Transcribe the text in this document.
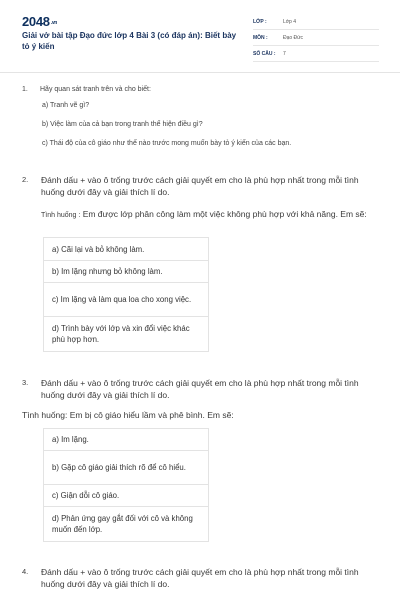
2048.vn
Giải vở bài tập Đạo đức lớp 4 Bài 3 (có đáp án): Biết bày tỏ ý kiến
LỚP :	Lớp 4
MÔN :	Đạo Đức
SỐ CÂU :	7
1.	Hãy quan sát tranh trên và cho biết:
a) Tranh vẽ gì?
b) Việc làm của cả bạn trong tranh thể hiện điều gì?
c) Thái độ của cô giáo như thế nào trước mong muốn bày tỏ ý kiến của các bạn.
2.	Đánh dấu + vào ô trống trước cách giải quyết em cho là phù hợp nhất trong mỗi tình huống dưới đây và giải thích lí do.
Tình huống : Em được lớp phân công làm một việc không phù hợp với khả năng. Em sẽ:
a) Cãi lại và bỏ không làm.
b) Im lặng nhưng bỏ không làm.
c) Im lặng và làm qua loa cho xong việc.
d) Trình bày với lớp và xin đổi việc khác phù hợp hơn.
3.	Đánh dấu + vào ô trống trước cách giải quyết em cho là phù hợp nhất trong mỗi tình huống dưới đây và giải thích lí do.
Tình huống: Em bị cô giáo hiểu lầm và phê bình. Em sẽ:
a) Im lặng.
b) Gặp cô giáo giải thích rõ để cô hiểu.
c) Giận dỗi cô giáo.
d) Phản ứng gay gắt đối với cô và không muốn đến lớp.
4.	Đánh dấu + vào ô trống trước cách giải quyết em cho là phù hợp nhất trong mỗi tình huống dưới đây và giải thích lí do.
